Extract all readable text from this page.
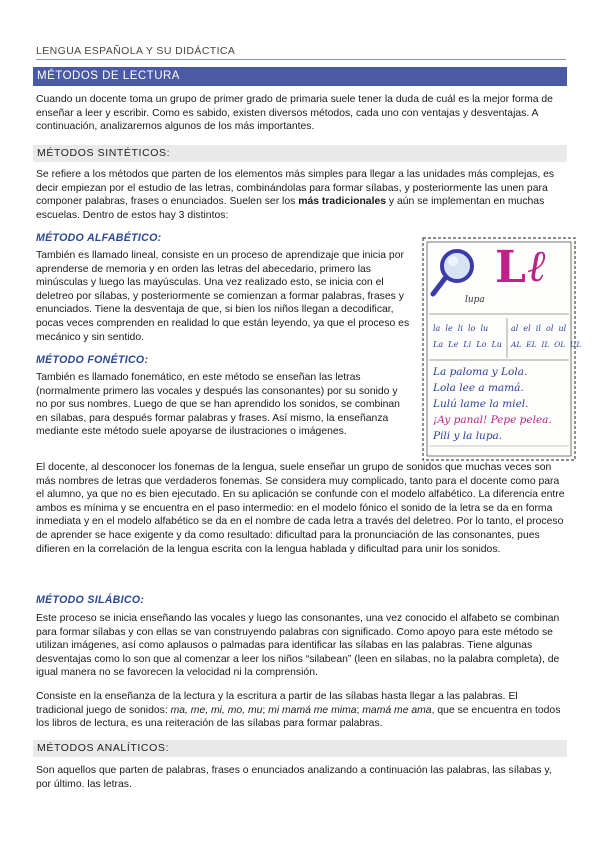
LENGUA ESPAÑOLA Y SU DIDÁCTICA
MÉTODOS DE LECTURA
Cuando un docente toma un grupo de primer grado de primaria suele tener la duda de cuál es la mejor forma de enseñar a leer y escribir. Como es sabido, existen diversos métodos, cada uno con ventajas y desventajas. A continuación, analizaremos algunos de los más importantes.
MÉTODOS SINTÉTICOS:
Se refiere a los métodos que parten de los elementos más simples para llegar a las unidades más complejas, es decir empiezan por el estudio de las letras, combinándolas para formar sílabas, y posteriormente las unen para componer palabras, frases o enunciados. Suelen ser los más tradicionales y aún se implementan en muchas escuelas. Dentro de estos hay 3 distintos:
MÉTODO ALFABÉTICO:
También es llamado lineal, consiste en un proceso de aprendizaje que inicia por aprenderse de memoria y en orden las letras del abecedario, primero las minúsculas y luego las mayúsculas. Una vez realizado esto, se inicia con el deletreo por sílabas, y posteriormente se comienzan a formar palabras, frases y enunciados. Tiene la desventaja de que, si bien los niños llegan a decodificar, pocas veces comprenden en realidad lo que están leyendo, ya que el proceso es mecánico y sin sentido.
MÉTODO FONÉTICO:
También es llamado fonemático, en este método se enseñan las letras (normalmente primero las vocales y después las consonantes) por su sonido y no por sus nombres. Luego de que se han aprendido los sonidos, se combinan en sílabas, para después formar palabras y frases. Así mismo, la enseñanza mediante este método suele apoyarse de ilustraciones o imágenes.
El docente, al desconocer los fonemas de la lengua, suele enseñar un grupo de sonidos que muchas veces son más nombres de letras que verdaderos fonemas. Se considera muy complicado, tanto para el docente como para el alumno, ya que no es bien ejecutado. En su aplicación se confunde con el modelo alfabético. La diferencia entre ambos es mínima y se encuentra en el paso intermedio: en el modelo fónico el sonido de la letra se da en forma inmediata y en el modelo alfabético se da en el nombre de cada letra a través del deletreo. Por lo tanto, el proceso de aprender se hace exigente y da como resultado: dificultad para la pronunciación de las consonantes, pues difieren en la correlación de la lengua escrita con la lengua hablada y dificultad para unir los sonidos.
MÉTODO SILÁBICO:
Este proceso se inicia enseñando las vocales y luego las consonantes, una vez conocido el alfabeto se combinan para formar sílabas y con ellas se van construyendo palabras con significado. Como apoyo para este método se utilizan imágenes, así como aplausos o palmadas para identificar las sílabas en las palabras. Tiene algunas desventajas como lo son que al comenzar a leer los niños “silabean” (leen en sílabas, no la palabra completa), de igual manera no se favorecen la velocidad ni la comprensión.
Consiste en la enseñanza de la lectura y la escritura a partir de las sílabas hasta llegar a las palabras. El tradicional juego de sonidos: ma, me, mi, mo, mu; mi mamá me mima; mamá me ama, que se encuentra en todos los libros de lectura, es una reiteración de las sílabas para formar palabras.
MÉTODOS ANALÍTICOS:
Son aquellos que parten de palabras, frases o enunciados analizando a continuación las palabras, las sílabas y, por último. las letras.
L ℓ
lupa
la  le  li  lo  lu
La  Le  Li  Lo  Lu
al  el  il  ol  ul
AL  EL  IL  OL  UL
La paloma y Lola.
Lola lee a mamá.
Lulú lame la miel.
¡Ay panal! Pepe pelea.
Pili y la lupa.
